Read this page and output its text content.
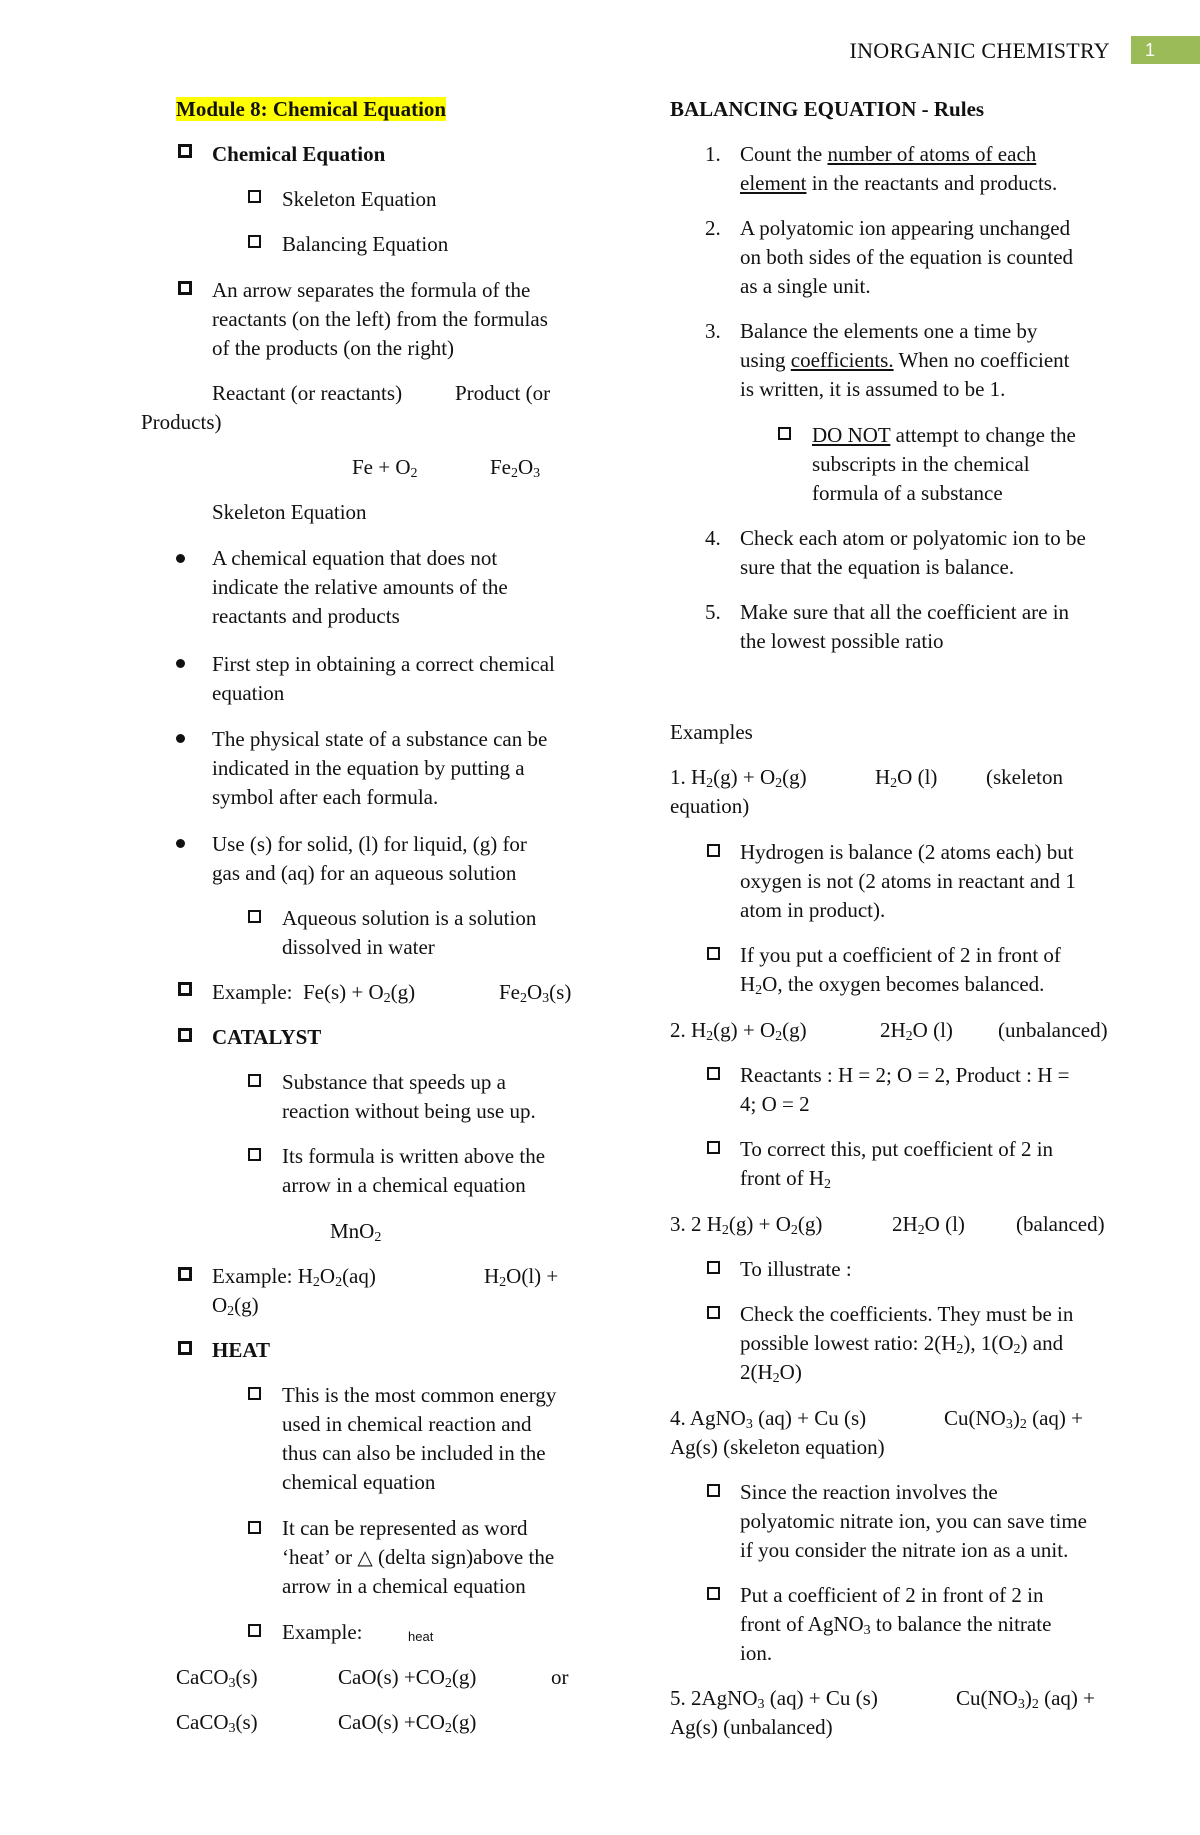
INORGANIC CHEMISTRY	1
Module 8: Chemical Equation
Chemical Equation
Skeleton Equation
Balancing Equation
An arrow separates the formula of the
reactants (on the left) from the formulas
of the products (on the right)
Reactant (or reactants)	Product (or
Products)
$Fe + O_2$	$Fe_2O_3$
Skeleton Equation
A chemical equation that does not
indicate the relative amounts of the
reactants and products
First step in obtaining a correct chemical
equation
The physical state of a substance can be
indicated in the equation by putting a
symbol after each formula.
Use (s) for solid, (l) for liquid, (g) for
gas and (aq) for an aqueous solution
Aqueous solution is a solution
dissolved in water
Example: $Fe(s) + O_2(g)$	$Fe_2O_3(s)$
CATALYST
Substance that speeds up a
reaction without being use up.
Its formula is written above the
arrow in a chemical equation
MnO$_2$
Example: $H_2O_2(aq)$	$H_2O(l)$ +
$O_2(g)$
HEAT
This is the most common energy
used in chemical reaction and
thus can also be included in the
chemical equation
It can be represented as word
‘heat’ or △ (delta sign)above the
arrow in a chemical equation
Example:	heat
CaCO$_3$(s)	$CaO(s) +CO_2(g)$	or
CaCO$_3$(s)	$CaO(s) +CO_2(g)$
BALANCING EQUATION - Rules
1. Count the number of atoms of each
element in the reactants and products.
2. A polyatomic ion appearing unchanged
on both sides of the equation is counted
as a single unit.
3. Balance the elements one a time by
using coefficients. When no coefficient
is written, it is assumed to be 1.
DO NOT attempt to change the
subscripts in the chemical
formula of a substance
4. Check each atom or polyatomic ion to be
sure that the equation is balance.
5. Make sure that all the coefficient are in
the lowest possible ratio
Examples
1. $H_2(g) + O_2(g)$	$H_2O$ (l) (skeleton
equation)
Hydrogen is balance (2 atoms each) but
oxygen is not (2 atoms in reactant and 1
atom in product).
If you put a coefficient of 2 in front of
$H_2O$, the oxygen becomes balanced.
2. $H_2(g) + O_2(g)$	$2H_2O$ (l) (unbalanced)
Reactants : H = 2; O = 2, Product : H =
4; O = 2
To correct this, put coefficient of 2 in
front of $H_2$
3. 2 $H_2(g) + O_2(g)$	$2H_2O$ (l) (balanced)
To illustrate :
Check the coefficients. They must be in
possible lowest ratio: $2(H_2)$, $1(O_2)$ and
$2(H_2O)$
4. AgNO$_3$ (aq) + Cu (s)	$Cu(NO_3)_2$ (aq) +
Ag(s) (skeleton equation)
Since the reaction involves the
polyatomic nitrate ion, you can save time
if you consider the nitrate ion as a unit.
Put a coefficient of 2 in front of 2 in
front of AgNO$_3$ to balance the nitrate
ion.
5. 2AgNO$_3$ (aq) + Cu (s)	$Cu(NO_3)_2$ (aq) +
Ag(s) (unbalanced)
